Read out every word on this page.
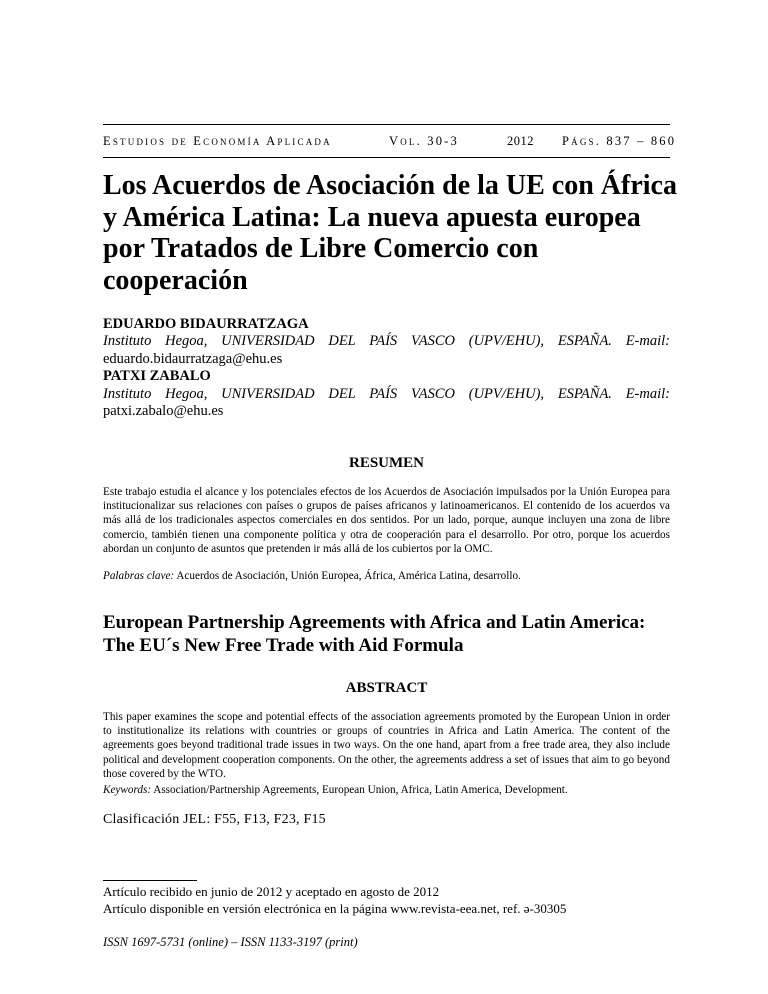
Estudios de Economía Aplicada	Vol. 30-3	2012 Págs. 837 – 860
Los Acuerdos de Asociación de la UE con África y América Latina: La nueva apuesta europea por Tratados de Libre Comercio con cooperación
EDUARDO BIDAURRATZAGA
Instituto Hegoa, UNIVERSIDAD DEL PAÍS VASCO (UPV/EHU), ESPAÑA. E-mail:
eduardo.bidaurratzaga@ehu.es
PATXI ZABALO
Instituto Hegoa, UNIVERSIDAD DEL PAÍS VASCO (UPV/EHU), ESPAÑA. E-mail:
patxi.zabalo@ehu.es
RESUMEN
Este trabajo estudia el alcance y los potenciales efectos de los Acuerdos de Asociación impulsados por la Unión Europea para institucionalizar sus relaciones con países o grupos de países africanos y latinoamericanos. El contenido de los acuerdos va más allá de los tradicionales aspectos comerciales en dos sentidos. Por un lado, porque, aunque incluyen una zona de libre comercio, también tienen una componente política y otra de cooperación para el desarrollo. Por otro, porque los acuerdos abordan un conjunto de asuntos que pretenden ir más allá de los cubiertos por la OMC.
Palabras clave: Acuerdos de Asociación, Unión Europea, África, América Latina, desarrollo.
European Partnership Agreements with Africa and Latin America: The EU´s New Free Trade with Aid Formula
ABSTRACT
This paper examines the scope and potential effects of the association agreements promoted by the European Union in order to institutionalize its relations with countries or groups of countries in Africa and Latin America. The content of the agreements goes beyond traditional trade issues in two ways. On the one hand, apart from a free trade area, they also include political and development cooperation components. On the other, the agreements address a set of issues that aim to go beyond those covered by the WTO.
Keywords: Association/Partnership Agreements, European Union, Africa, Latin America, Development.
Clasificación JEL: F55, F13, F23, F15
Artículo recibido en junio de 2012 y aceptado en agosto de 2012
Artículo disponible en versión electrónica en la página www.revista-eea.net, ref. ə-30305
ISSN 1697-5731 (online) – ISSN 1133-3197 (print)
